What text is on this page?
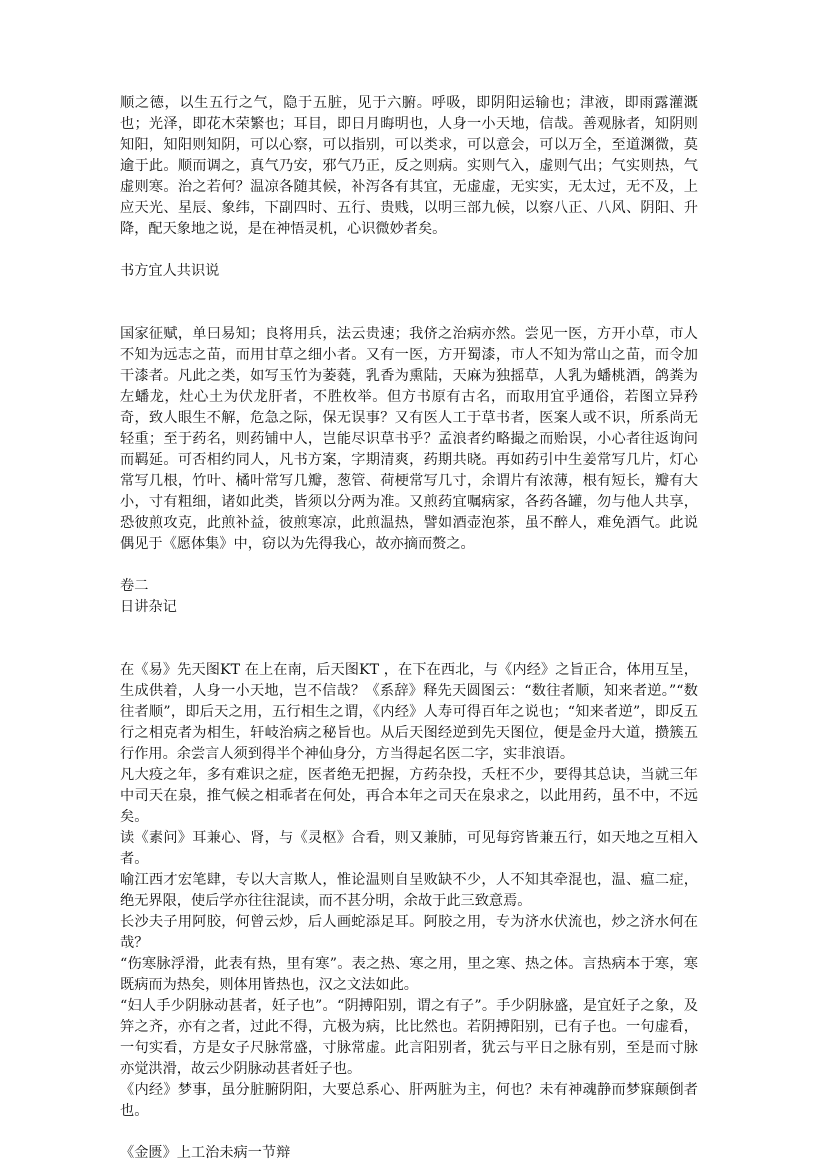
顺之德，以生五行之气，隐于五脏，见于六腑。呼吸，即阴阳运输也；津液，即雨露灌溉也；光泽，即花木荣繁也；耳目，即日月晦明也，人身一小天地，信哉。善观脉者，知阴则知阳，知阳则知阴，可以心察，可以指别，可以类求，可以意会，可以万全，至道渊微，莫逾于此。顺而调之，真气乃安，邪气乃正，反之则病。实则气入，虚则气出；气实则热，气虚则寒。治之若何？温凉各随其候，补泻各有其宜，无虚虚，无实实，无太过，无不及，上应天光、星辰、象纬，下副四时、五行、贵贱，以明三部九候，以察八正、八风、阴阳、升降，配天象地之说，是在神悟灵机，心识微妙者矣。

书方宜人共识说

国家征赋，单曰易知；良将用兵，法云贵速；我侪之治病亦然。尝见一医，方开小草，市人不知为远志之苗，而用甘草之细小者。又有一医，方开蜀漆，市人不知为常山之苗，而令加干漆者。凡此之类，如写玉竹为萎蕤，乳香为熏陆，天麻为独摇草，人乳为蟠桃酒，鸽粪为左蟠龙，灶心土为伏龙肝者，不胜枚举。但方书原有古名，而取用宜乎通俗，若图立异矜奇，致人眼生不解，危急之际，保无误事？又有医人工于草书者，医案人或不识，所系尚无轻重；至于药名，则药铺中人，岂能尽识草书乎？孟浪者约略撮之而贻误，小心者往返询问而羁延。可否相约同人，凡书方案，字期清爽，药期共晓。再如药引中生姜常写几片，灯心常写几根，竹叶、橘叶常写几瓣，葱管、荷梗常写几寸，余谓片有浓薄，根有短长，瓣有大小，寸有粗细，诸如此类，皆须以分两为准。又煎药宜嘱病家，各药各罐，勿与他人共享，恐彼煎攻克，此煎补益，彼煎寒凉，此煎温热，譬如酒壶泡茶，虽不醉人，难免酒气。此说偶见于《愿体集》中，窃以为先得我心，故亦摘而赘之。

卷二

日讲杂记

在《易》先天图KT 在上在南，后天图KT ，在下在西北，与《内经》之旨正合，体用互呈，生成供着，人身一小天地，岂不信哉？《系辞》释先天圆图云：“数往者顺，知来者逆。”“数往者顺”，即后天之用，五行相生之谓，《内经》人寿可得百年之说也；“知来者逆”，即反五行之相克者为相生，轩岐治病之秘旨也。从后天图经逆到先天图位，便是金丹大道，攒簇五行作用。余尝言人须到得半个神仙身分，方当得起名医二字，实非浪语。

凡大疫之年，多有难识之症，医者绝无把握，方药杂投，夭枉不少，要得其总诀，当就三年中司天在泉，推气候之相乖者在何处，再合本年之司天在泉求之，以此用药，虽不中，不远矣。

读《素问》耳兼心、肾，与《灵枢》合看，则又兼肺，可见每窍皆兼五行，如天地之互相入者。

喻江西才宏笔肆，专以大言欺人，惟论温则自呈败缺不少，人不知其牵混也，温、瘟二症，绝无界限，使后学亦往往混读，而不甚分明，余故于此三致意焉。

长沙夫子用阿胶，何曾云炒，后人画蛇添足耳。阿胶之用，专为济水伏流也，炒之济水何在哉？

“伤寒脉浮滑，此表有热，里有寒”。表之热、寒之用，里之寒、热之体。言热病本于寒，寒既病而为热矣，则体用皆热也，汉之文法如此。

“妇人手少阴脉动甚者，妊子也”。“阴搏阳别，谓之有子”。手少阴脉盛，是宜妊子之象，及笄之齐，亦有之者，过此不得，亢极为病，比比然也。若阴搏阳别，已有子也。一句虚看，一句实看，方是女子尺脉常盛，寸脉常虚。此言阳别者，犹云与平日之脉有别，至是而寸脉亦觉洪滑，故云少阴脉动甚者妊子也。

《内经》梦事，虽分脏腑阴阳，大要总系心、肝两脏为主，何也？未有神魂静而梦寐颠倒者也。

《金匮》上工治未病一节辩
